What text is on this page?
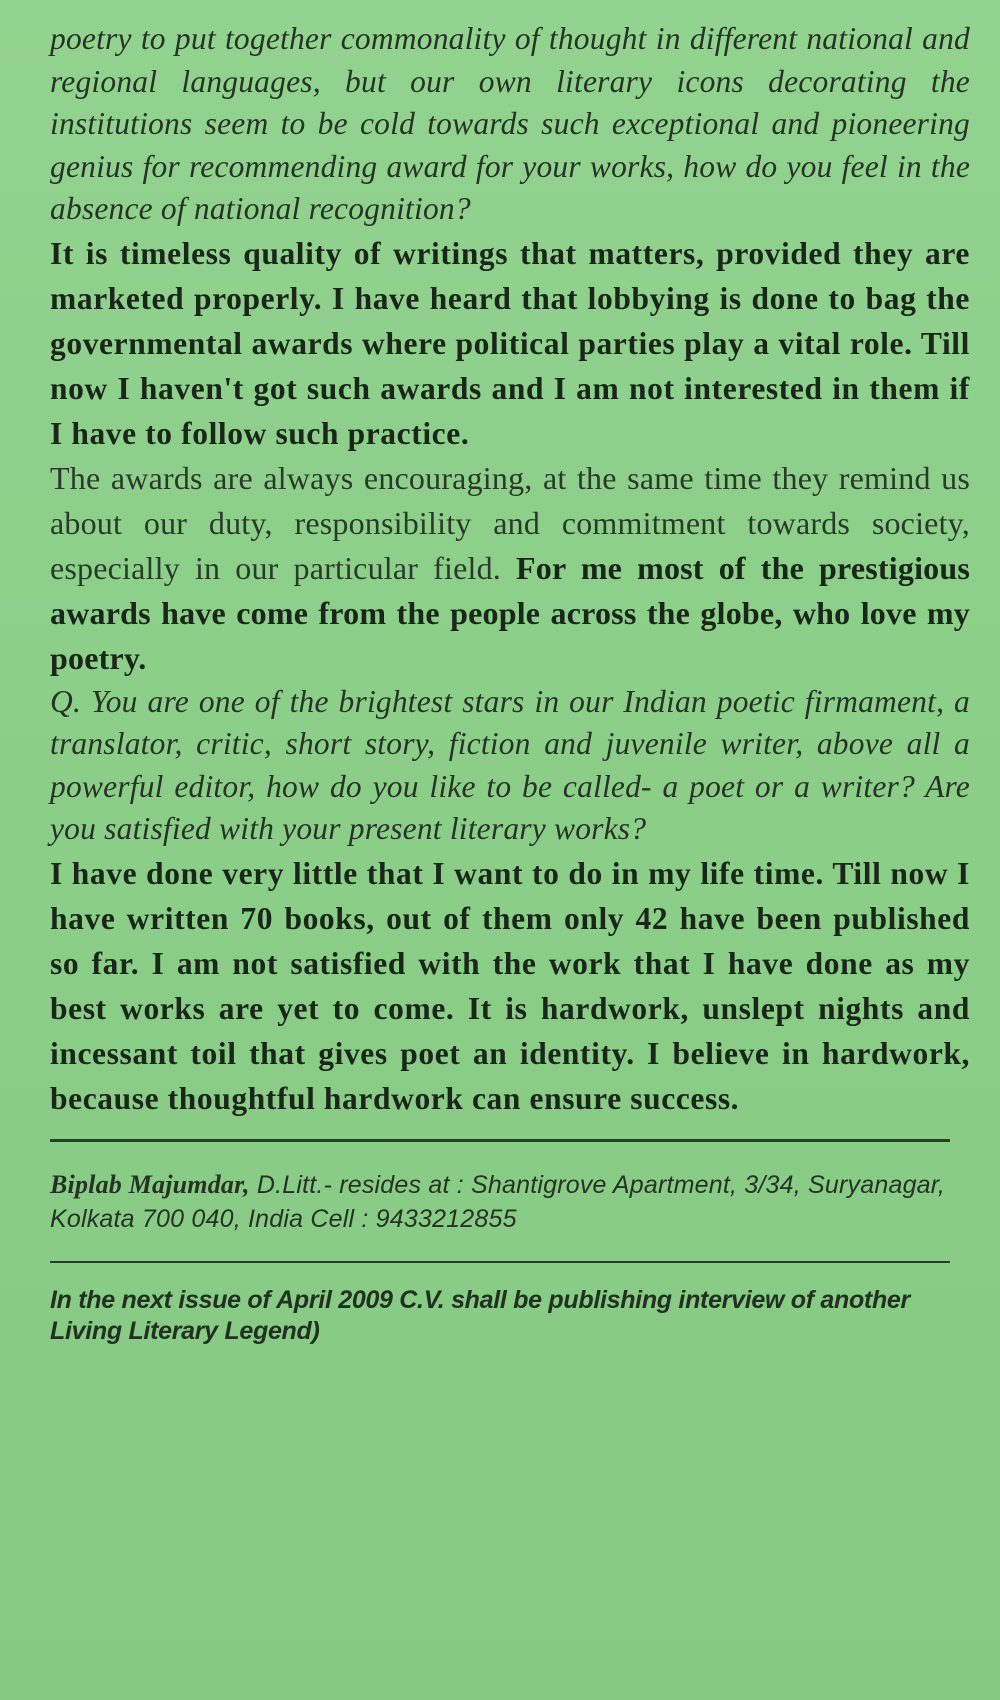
poetry to put together commonality of thought in different national and regional languages, but our own literary icons decorating the institutions seem to be cold towards such exceptional and pioneering genius for recommending award for your works, how do you feel in the absence of national recognition?

It is timeless quality of writings that matters, provided they are marketed properly. I have heard that lobbying is done to bag the governmental awards where political parties play a vital role. Till now I haven't got such awards and I am not interested in them if I have to follow such practice.

The awards are always encouraging, at the same time they remind us about our duty, responsibility and commitment towards society, especially in our particular field. For me most of the prestigious awards have come from the people across the globe, who love my poetry.

Q. You are one of the brightest stars in our Indian poetic firmament, a translator, critic, short story, fiction and juvenile writer, above all a powerful editor, how do you like to be called- a poet or a writer? Are you satisfied with your present literary works?

I have done very little that I want to do in my life time. Till now I have written 70 books, out of them only 42 have been published so far. I am not satisfied with the work that I have done as my best works are yet to come. It is hardwork, unslept nights and incessant toil that gives poet an identity. I believe in hardwork, because thoughtful hardwork can ensure success.

Biplab Majumdar, D.Litt.- resides at : Shantigrove Apartment, 3/34, Suryanagar, Kolkata 700 040, India Cell : 9433212855

In the next issue of April 2009 C.V. shall be publishing interview of another Living Literary Legend)
